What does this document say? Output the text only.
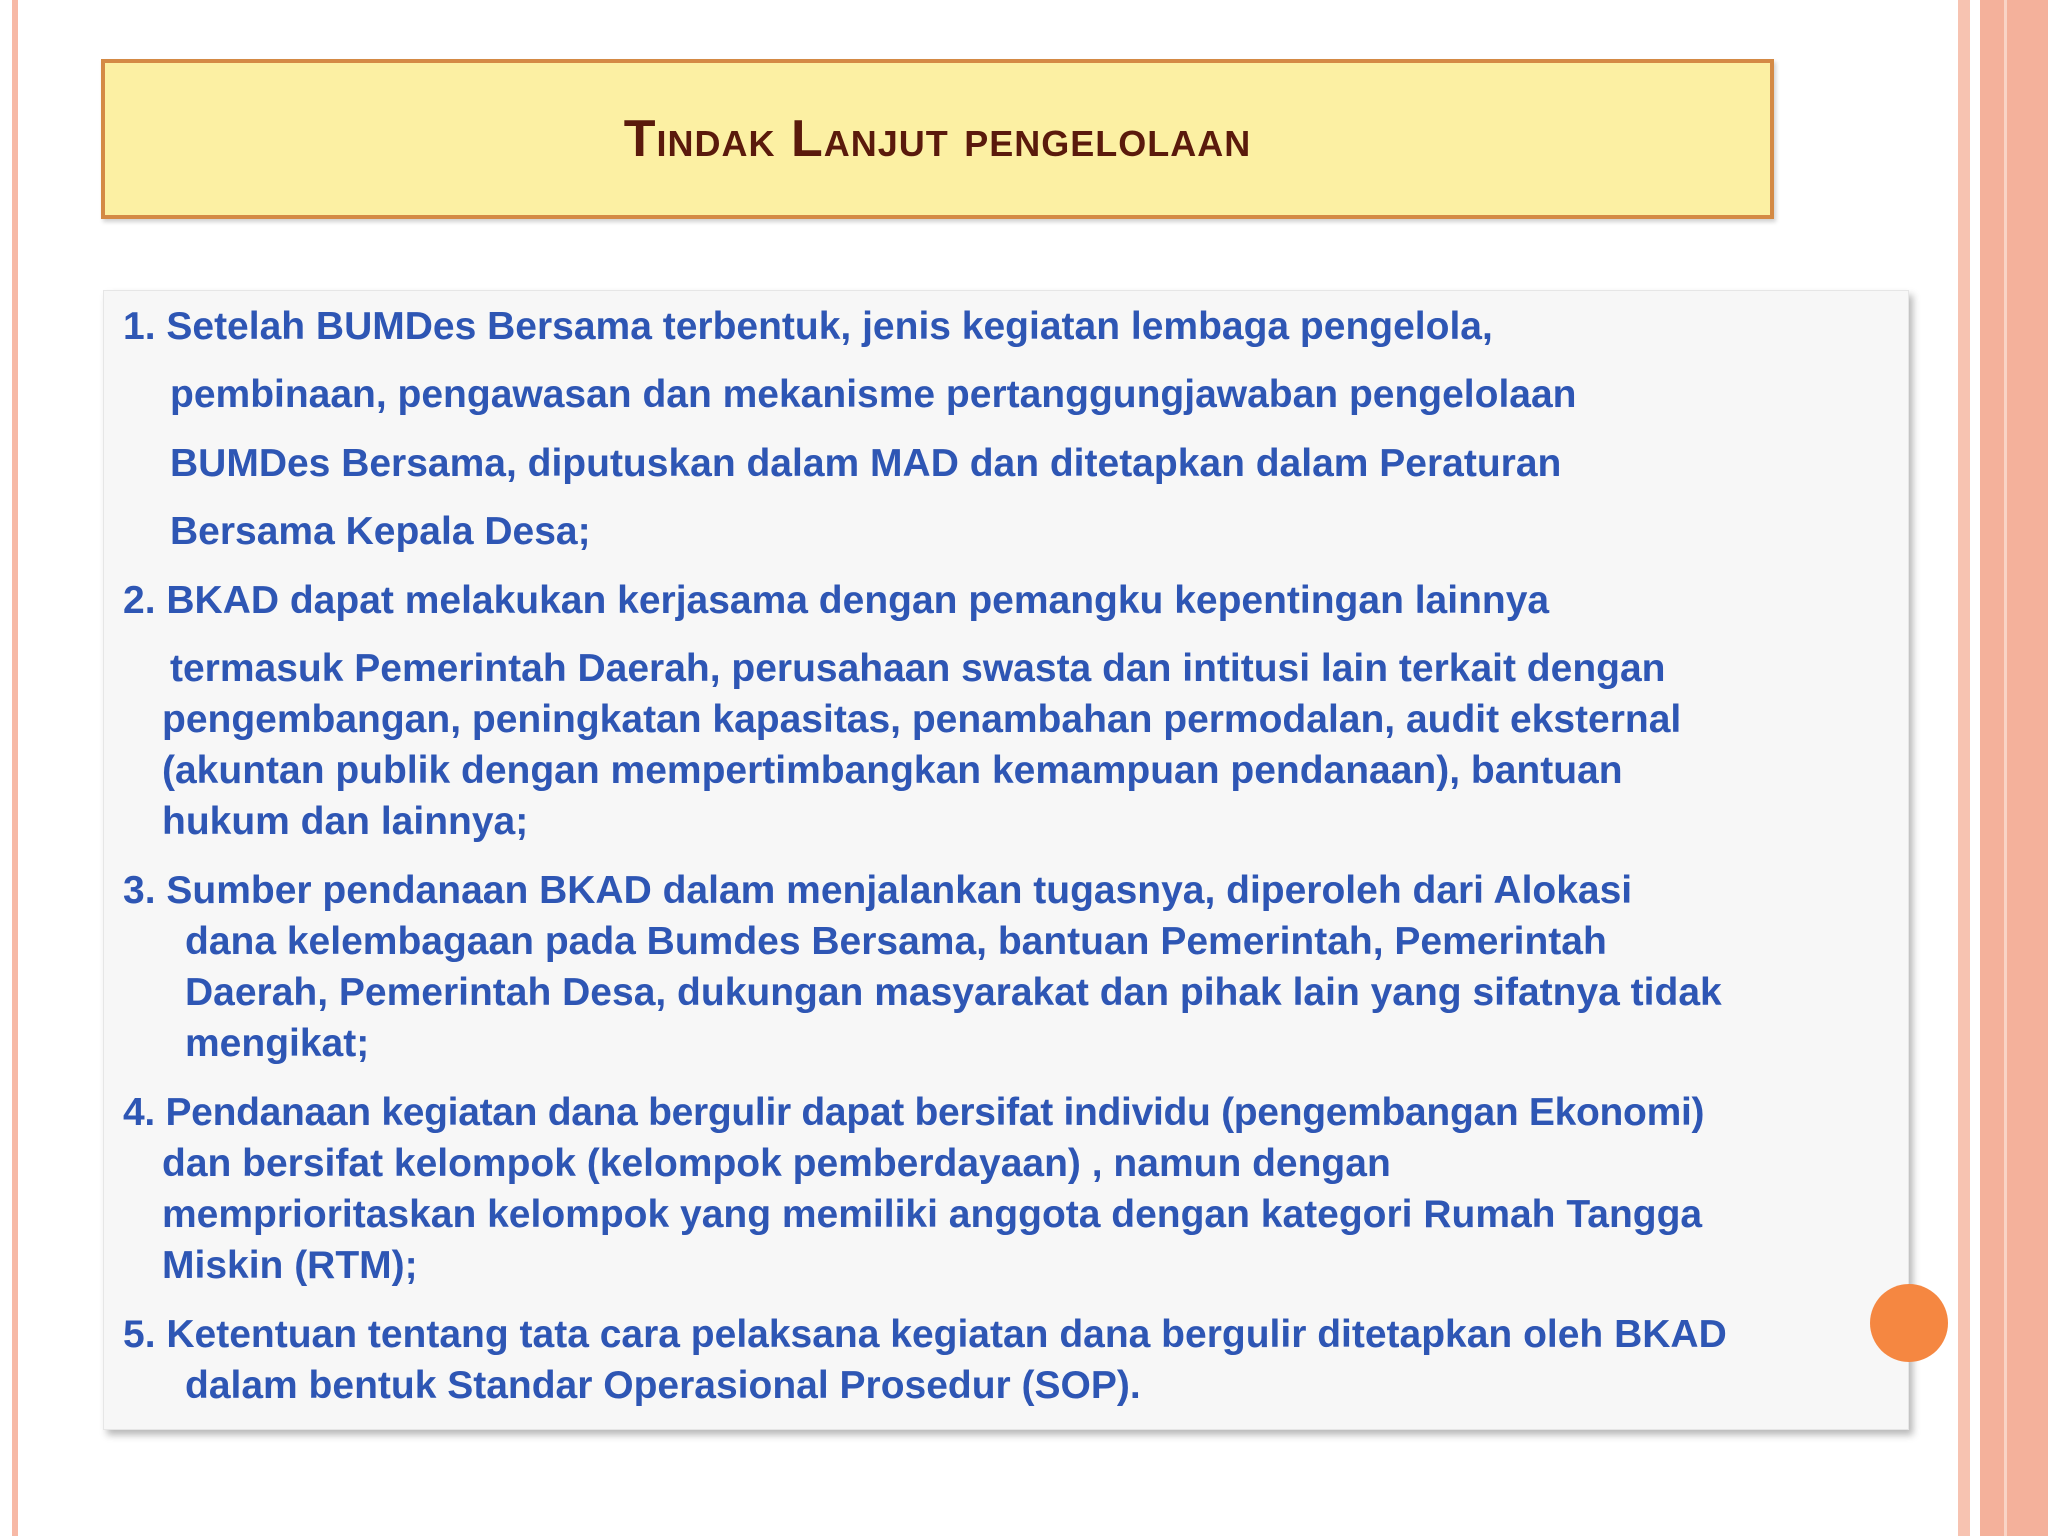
Tindak Lanjut pengelolaan
1. Setelah BUMDes Bersama terbentuk, jenis kegiatan lembaga pengelola,
pembinaan, pengawasan dan mekanisme pertanggungjawaban pengelolaan
BUMDes Bersama, diputuskan dalam MAD dan ditetapkan dalam Peraturan
Bersama Kepala Desa;
2. BKAD dapat melakukan kerjasama dengan pemangku kepentingan lainnya
termasuk Pemerintah Daerah, perusahaan swasta dan intitusi lain terkait dengan
pengembangan, peningkatan kapasitas, penambahan permodalan, audit eksternal
(akuntan publik dengan mempertimbangkan kemampuan pendanaan), bantuan
hukum dan lainnya;
3. Sumber pendanaan BKAD dalam menjalankan tugasnya, diperoleh dari Alokasi
dana kelembagaan pada Bumdes Bersama, bantuan Pemerintah, Pemerintah
Daerah, Pemerintah Desa, dukungan masyarakat dan pihak lain yang sifatnya tidak
mengikat;
4. Pendanaan kegiatan dana bergulir dapat bersifat individu (pengembangan Ekonomi)
dan bersifat kelompok (kelompok pemberdayaan) , namun dengan
memprioritaskan kelompok yang memiliki anggota dengan kategori Rumah Tangga
Miskin (RTM);
5. Ketentuan tentang tata cara pelaksana kegiatan dana bergulir ditetapkan oleh BKAD
dalam bentuk Standar Operasional Prosedur (SOP).
